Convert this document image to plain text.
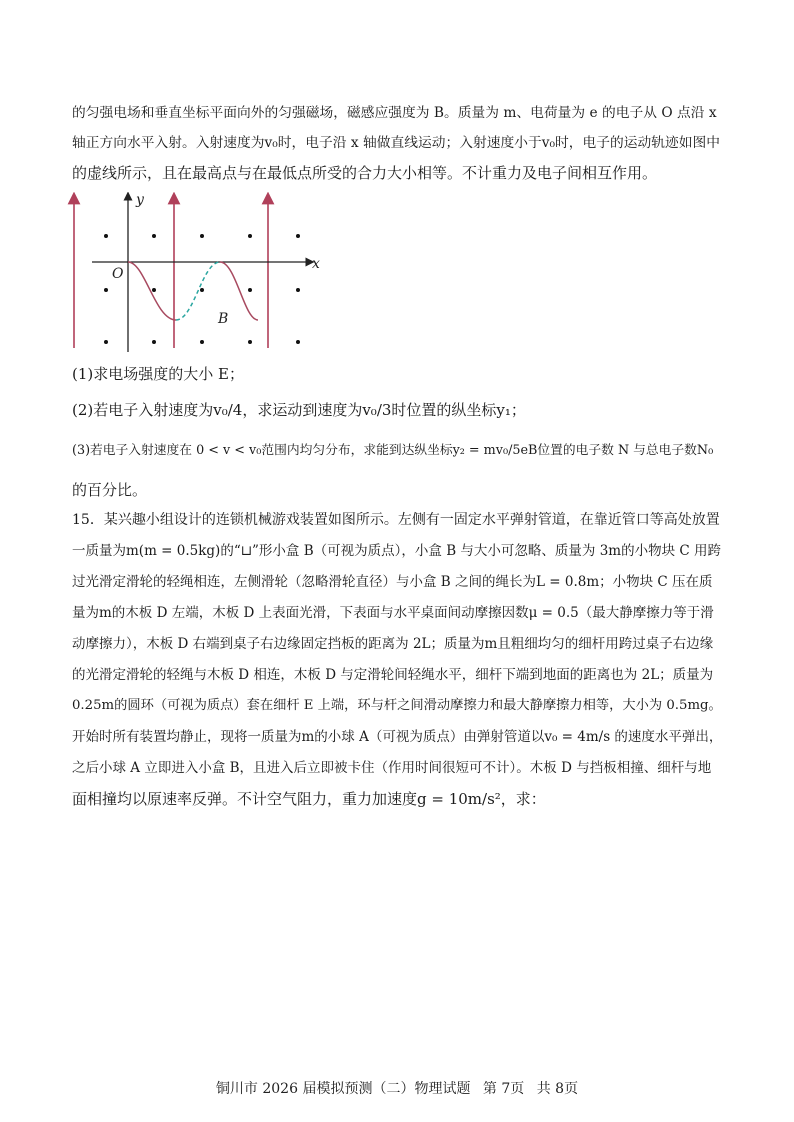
的匀强电场和垂直坐标平面向外的匀强磁场，磁感应强度为 B。质量为 m、电荷量为 e 的电子从 O 点沿 x
轴正方向水平入射。入射速度为v₀时，电子沿 x 轴做直线运动；入射速度小于v₀时，电子的运动轨迹如图中
的虚线所示，且在最高点与在最低点所受的合力大小相等。不计重力及电子间相互作用。
y
x
O
B
(1)求电场强度的大小 E；
(2)若电子入射速度为v₀/4，求运动到速度为v₀/3时位置的纵坐标y₁；
(3)若电子入射速度在 0 < v < v₀范围内均匀分布，求能到达纵坐标y₂ = mv₀/5eB位置的电子数 N 与总电子数N₀
的百分比。
15．某兴趣小组设计的连锁机械游戏装置如图所示。左侧有一固定水平弹射管道，在靠近管口等高处放置
一质量为m(m = 0.5kg)的“⊔”形小盒 B（可视为质点），小盒 B 与大小可忽略、质量为 3m的小物块 C 用跨
过光滑定滑轮的轻绳相连，左侧滑轮（忽略滑轮直径）与小盒 B 之间的绳长为L = 0.8m；小物块 C 压在质
量为m的木板 D 左端，木板 D 上表面光滑，下表面与水平桌面间动摩擦因数μ = 0.5（最大静摩擦力等于滑
动摩擦力），木板 D 右端到桌子右边缘固定挡板的距离为 2L；质量为m且粗细均匀的细杆用跨过桌子右边缘
的光滑定滑轮的轻绳与木板 D 相连，木板 D 与定滑轮间轻绳水平，细杆下端到地面的距离也为 2L；质量为
0.25m的圆环（可视为质点）套在细杆 E 上端，环与杆之间滑动摩擦力和最大静摩擦力相等，大小为 0.5mg。
开始时所有装置均静止，现将一质量为m的小球 A（可视为质点）由弹射管道以v₀ = 4m/s 的速度水平弹出，
之后小球 A 立即进入小盒 B，且进入后立即被卡住（作用时间很短可不计）。木板 D 与挡板相撞、细杆与地
面相撞均以原速率反弹。不计空气阻力，重力加速度g = 10m/s²，求：
铜川市 2026 届模拟预测（二）物理试题 第 7页 共 8页
